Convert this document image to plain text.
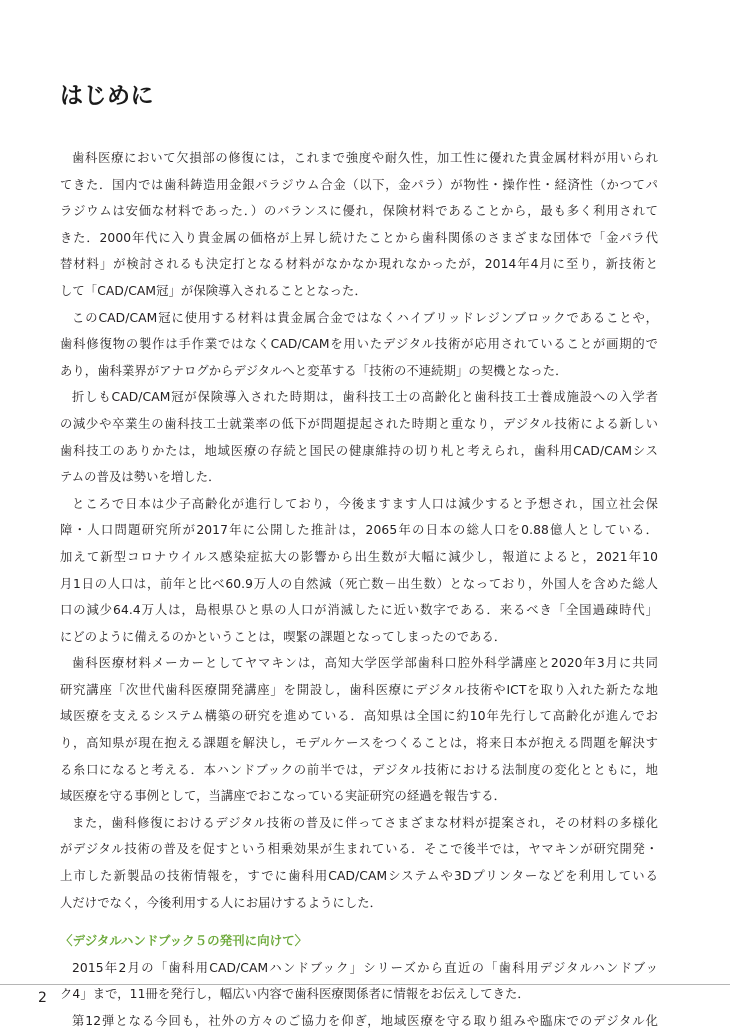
はじめに
歯科医療において欠損部の修復には，これまで強度や耐久性，加工性に優れた貴金属材料が用いられ
てきた．国内では歯科鋳造用金銀パラジウム合金（以下，金パラ）が物性・操作性・経済性（かつてパ
ラジウムは安価な材料であった．）のバランスに優れ，保険材料であることから，最も多く利用されて
きた．2000年代に入り貴金属の価格が上昇し続けたことから歯科関係のさまざまな団体で「金パラ代
替材料」が検討されるも決定打となる材料がなかなか現れなかったが，2014年4月に至り，新技術と
して「CAD/CAM冠」が保険導入されることとなった．
このCAD/CAM冠に使用する材料は貴金属合金ではなくハイブリッドレジンブロックであることや，
歯科修復物の製作は手作業ではなくCAD/CAMを用いたデジタル技術が応用されていることが画期的で
あり，歯科業界がアナログからデジタルへと変革する「技術の不連続期」の契機となった．
折しもCAD/CAM冠が保険導入された時期は，歯科技工士の高齢化と歯科技工士養成施設への入学者
の減少や卒業生の歯科技工士就業率の低下が問題提起された時期と重なり，デジタル技術による新しい
歯科技工のありかたは，地域医療の存続と国民の健康維持の切り札と考えられ，歯科用CAD/CAMシス
テムの普及は勢いを増した．
ところで日本は少子高齢化が進行しており，今後ますます人口は減少すると予想され，国立社会保
障・人口問題研究所が2017年に公開した推計は，2065年の日本の総人口を0.88億人としている．
加えて新型コロナウイルス感染症拡大の影響から出生数が大幅に減少し，報道によると，2021年10
月1日の人口は，前年と比べ60.9万人の自然減（死亡数－出生数）となっており，外国人を含めた総人
口の減少64.4万人は，島根県ひと県の人口が消滅したに近い数字である．来るべき「全国過疎時代」
にどのように備えるのかということは，喫緊の課題となってしまったのである．
歯科医療材料メーカーとしてヤマキンは，高知大学医学部歯科口腔外科学講座と2020年3月に共同
研究講座「次世代歯科医療開発講座」を開設し，歯科医療にデジタル技術やICTを取り入れた新たな地
域医療を支えるシステム構築の研究を進めている．高知県は全国に約10年先行して高齢化が進んでお
り，高知県が現在抱える課題を解決し，モデルケースをつくることは，将来日本が抱える問題を解決す
る糸口になると考える．本ハンドブックの前半では，デジタル技術における法制度の変化とともに，地
域医療を守る事例として，当講座でおこなっている実証研究の経過を報告する．
また，歯科修復におけるデジタル技術の普及に伴ってさまざまな材料が提案され，その材料の多様化
がデジタル技術の普及を促すという相乗効果が生まれている．そこで後半では，ヤマキンが研究開発・
上市した新製品の技術情報を，すでに歯科用CAD/CAMシステムや3Dプリンターなどを利用している
人だけでなく，今後利用する人にお届けするようにした．
〈デジタルハンドブック５の発刊に向けて〉
2015年2月の「歯科用CAD/CAMハンドブック」シリーズから直近の「歯科用デジタルハンドブッ
ク4」まで，11冊を発行し，幅広い内容で歯科医療関係者に情報をお伝えしてきた．
第12弾となる今回も，社外の方々のご協力を仰ぎ，地域医療を守る取り組みや臨床でのデジタル化
2
